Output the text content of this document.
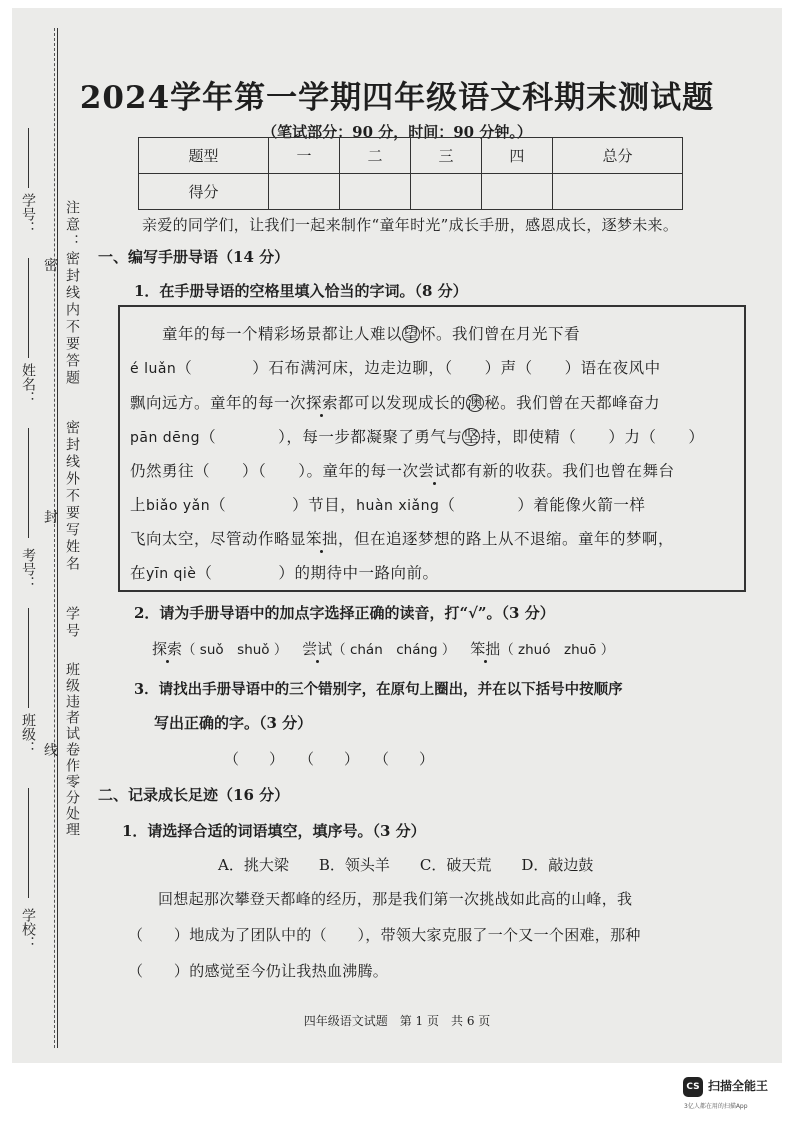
学号：
姓名：
考号：
班级：
学校：
密
封
线
注意：密封线内不要答题
密封线外不要写姓名
学号
班级违者试卷作零分处理
2024学年第一学期四年级语文科期末测试题
（笔试部分：90 分，时间：90 分钟。）
题型	一	二	三	四	总分
得分					
亲爱的同学们，让我们一起来制作“童年时光”成长手册，感恩成长，逐梦未来。
一、编写手册导语（14 分）
1．在手册导语的空格里填入恰当的字词。（8 分）
童年的每一个精彩场景都让人难以望怀。我们曾在月光下看
é luǎn（	）石布满河床，边走边聊，（　　）声（　　）语在夜风中
飘向远方。童年的每一次探索都可以发现成长的澳秘。我们曾在天都峰奋力
pān dēng（	），每一步都凝聚了勇气与坚持，即使精（　　）力（　　）
仍然勇往（　　）（　　）。童年的每一次尝试都有新的收获。我们也曾在舞台
上biǎo yǎn（	）节目，huàn xiǎng（	）着能像火箭一样
飞向太空，尽管动作略显笨拙，但在追逐梦想的路上从不退缩。童年的梦啊，
在yīn qiè（	）的期待中一路向前。
2．请为手册导语中的加点字选择正确的读音，打“√”。（3 分）
探索（ suǒ　shuǒ ） 尝试（ chán　cháng ） 笨拙（ zhuó　zhuō ）
3．请找出手册导语中的三个错别字，在原句上圈出，并在以下括号中按顺序
写出正确的字。（3 分）
（　　）　　（　　）　　（　　）
二、记录成长足迹（16 分）
1．请选择合适的词语填空，填序号。（3 分）
A．挑大梁　　B．领头羊　　C．破天荒　　D．敲边鼓
回想起那次攀登天都峰的经历，那是我们第一次挑战如此高的山峰，我
（　　）地成为了团队中的（　　），带领大家克服了一个又一个困难，那种
（　　）的感觉至今仍让我热血沸腾。
四年级语文试题　第 1 页　共 6 页
CS 扫描全能王
3亿人都在用的扫描App
